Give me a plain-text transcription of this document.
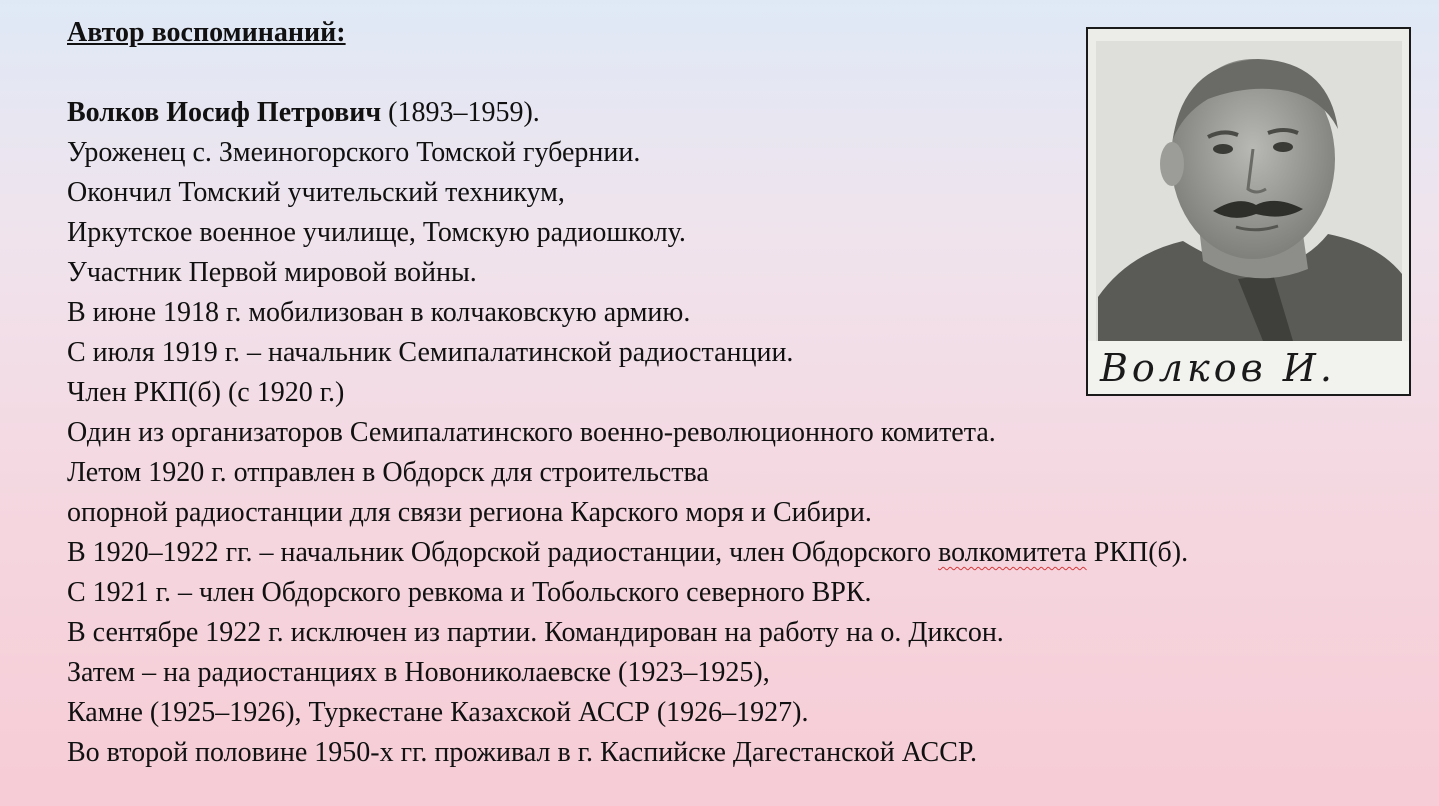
Автор воспоминаний:

Волков Иосиф Петрович (1893–1959).

Уроженец с. Змеиногорского Томской губернии.

Окончил Томский учительский техникум,

Иркутское военное училище, Томскую радиошколу.

Участник Первой мировой войны.

В июне 1918 г. мобилизован в колчаковскую армию.

С июля 1919 г. – начальник Семипалатинской радиостанции.

Член РКП(б) (с 1920 г.)

Один из организаторов Семипалатинского военно-революционного комитета.

Летом 1920 г. отправлен в Обдорск для строительства

опорной радиостанции для связи региона Карского моря и Сибири.

В 1920–1922 гг. – начальник Обдорской радиостанции, член Обдорского волкомитета РКП(б).

С 1921 г. – член Обдорского ревкома и Тобольского северного ВРК.

В сентябре 1922 г. исключен из партии. Командирован на работу на о. Диксон.

Затем – на радиостанциях в Новониколаевске (1923–1925),

Камне (1925–1926), Туркестане Казахской АССР (1926–1927).

Во второй половине 1950-х гг. проживал в г. Каспийске Дагестанской АССР.

Волков И.
